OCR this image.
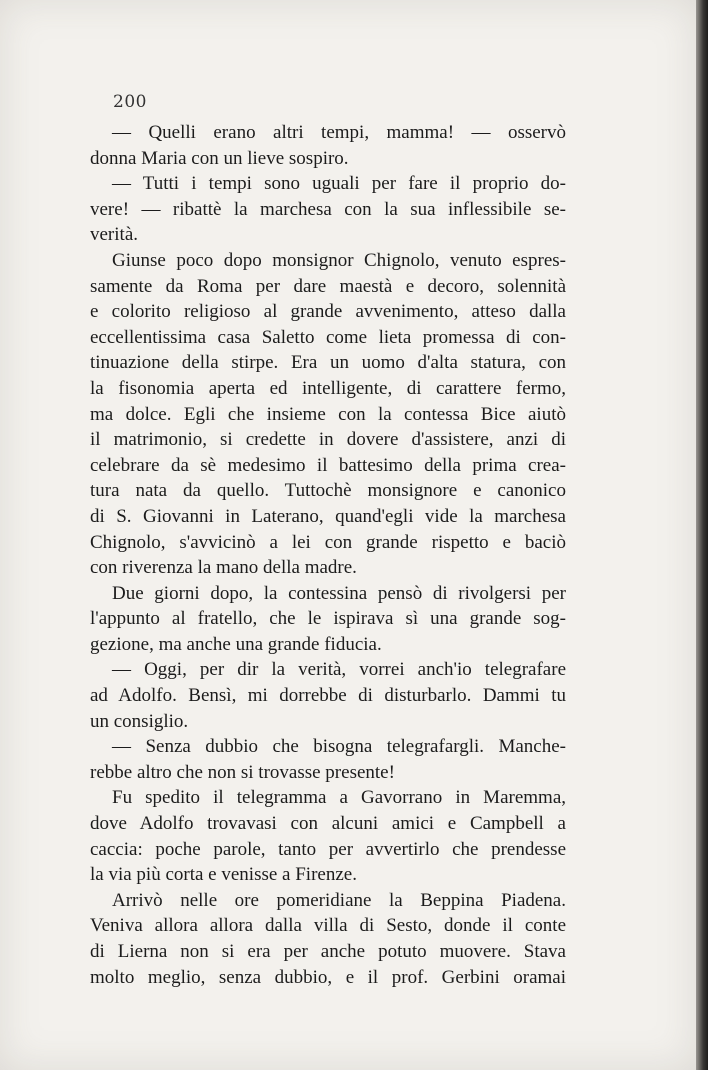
200
— Quelli erano altri tempi, mamma! — osservò
donna Maria con un lieve sospiro.
— Tutti i tempi sono uguali per fare il proprio do-
vere! — ribattè la marchesa con la sua inflessibile se-
verità.
Giunse poco dopo monsignor Chignolo, venuto espres-
samente da Roma per dare maestà e decoro, solennità
e colorito religioso al grande avvenimento, atteso dalla
eccellentissima casa Saletto come lieta promessa di con-
tinuazione della stirpe. Era un uomo d'alta statura, con
la fisonomia aperta ed intelligente, di carattere fermo,
ma dolce. Egli che insieme con la contessa Bice aiutò
il matrimonio, si credette in dovere d'assistere, anzi di
celebrare da sè medesimo il battesimo della prima crea-
tura nata da quello. Tuttochè monsignore e canonico
di S. Giovanni in Laterano, quand'egli vide la marchesa
Chignolo, s'avvicinò a lei con grande rispetto e baciò
con riverenza la mano della madre.
Due giorni dopo, la contessina pensò di rivolgersi per
l'appunto al fratello, che le ispirava sì una grande sog-
gezione, ma anche una grande fiducia.
— Oggi, per dir la verità, vorrei anch'io telegrafare
ad Adolfo. Bensì, mi dorrebbe di disturbarlo. Dammi tu
un consiglio.
— Senza dubbio che bisogna telegrafargli. Manche-
rebbe altro che non si trovasse presente!
Fu spedito il telegramma a Gavorrano in Maremma,
dove Adolfo trovavasi con alcuni amici e Campbell a
caccia: poche parole, tanto per avvertirlo che prendesse
la via più corta e venisse a Firenze.
Arrivò nelle ore pomeridiane la Beppina Piadena.
Veniva allora allora dalla villa di Sesto, donde il conte
di Lierna non si era per anche potuto muovere. Stava
molto meglio, senza dubbio, e il prof. Gerbini oramai
